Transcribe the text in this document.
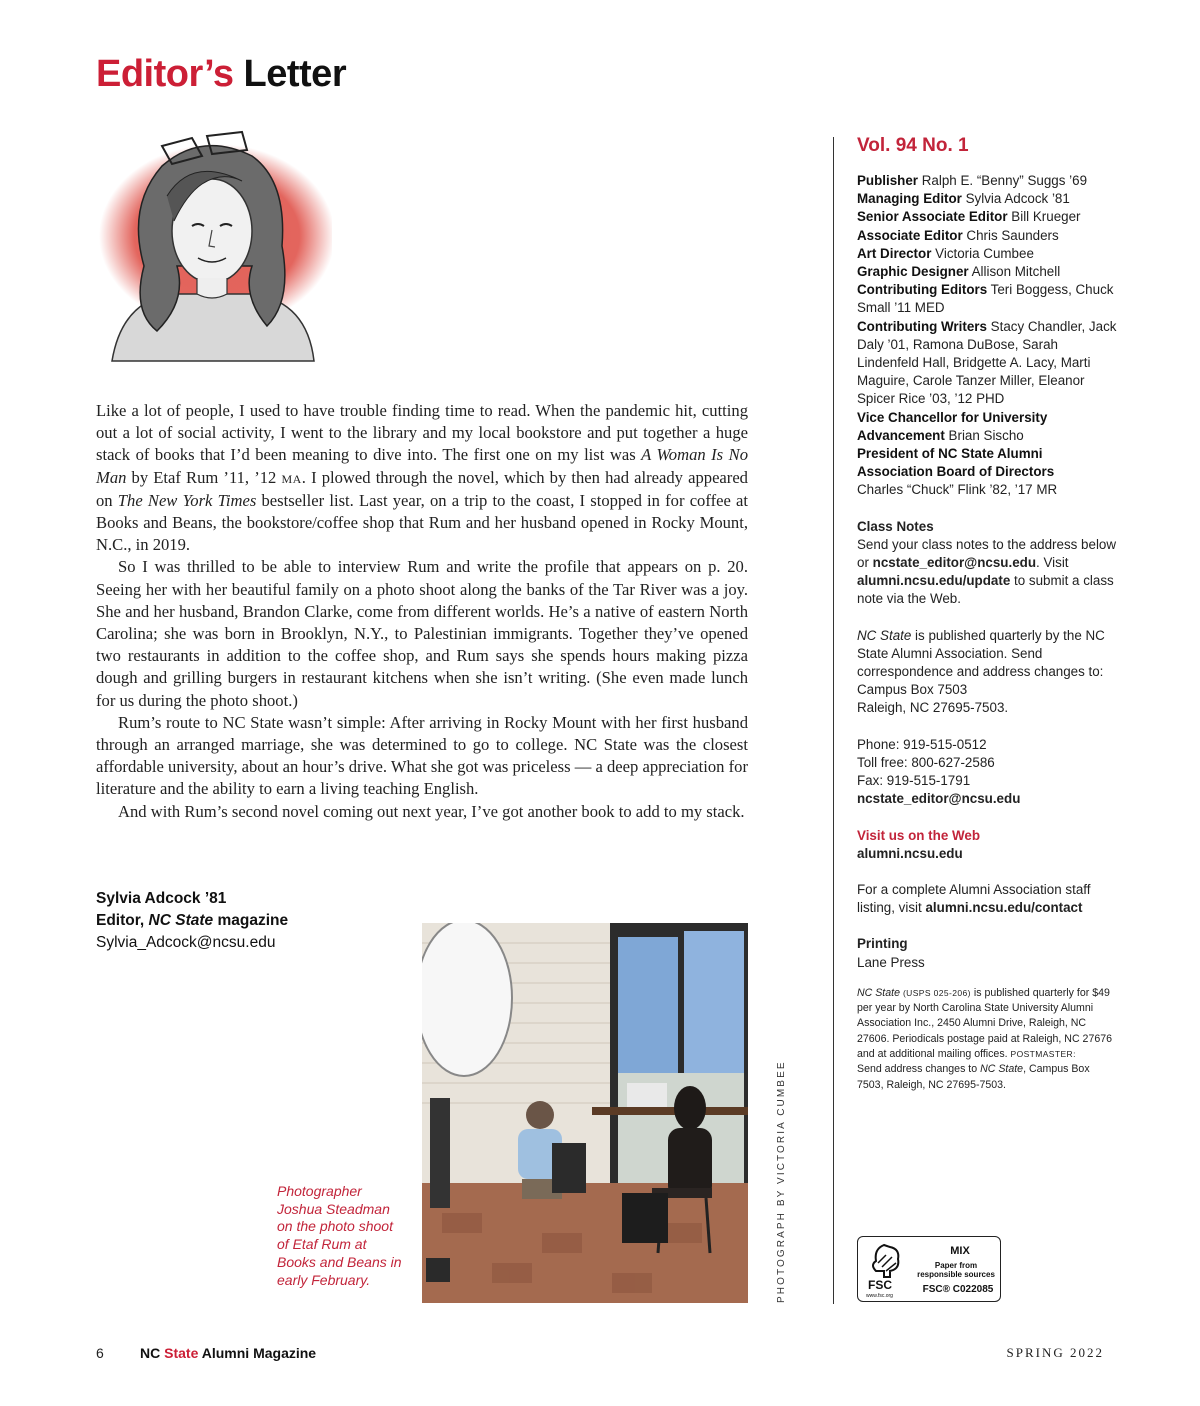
Editor’s Letter

Like a lot of people, I used to have trouble finding time to read. When the pandemic hit, cutting out a lot of social activity, I went to the library and my local bookstore and put together a huge stack of books that I’d been meaning to dive into. The first one on my list was A Woman Is No Man by Etaf Rum ’11, ’12 MA. I plowed through the novel, which by then had already appeared on The New York Times bestseller list. Last year, on a trip to the coast, I stopped in for coffee at Books and Beans, the bookstore/coffee shop that Rum and her husband opened in Rocky Mount, N.C., in 2019.

So I was thrilled to be able to interview Rum and write the profile that appears on p. 20. Seeing her with her beautiful family on a photo shoot along the banks of the Tar River was a joy. She and her husband, Brandon Clarke, come from different worlds. He’s a native of eastern North Carolina; she was born in Brooklyn, N.Y., to Palestinian immigrants. Together they’ve opened two restaurants in addition to the coffee shop, and Rum says she spends hours making pizza dough and grilling burgers in restaurant kitchens when she isn’t writing. (She even made lunch for us during the photo shoot.)

Rum’s route to NC State wasn’t simple: After arriving in Rocky Mount with her first husband through an arranged marriage, she was determined to go to college. NC State was the closest affordable university, about an hour’s drive. What she got was priceless — a deep appreciation for literature and the ability to earn a living teaching English.

And with Rum’s second novel coming out next year, I’ve got another book to add to my stack.

Sylvia Adcock ’81
Editor, NC State magazine
Sylvia_Adcock@ncsu.edu
Photographer Joshua Steadman on the photo shoot of Etaf Rum at Books and Beans in early February.	PHOTOGRAPH BY VICTORIA CUMBEE
Vol. 94 No. 1
Publisher Ralph E. “Benny” Suggs ’69
Managing Editor Sylvia Adcock ’81
Senior Associate Editor Bill Krueger
Associate Editor Chris Saunders
Art Director Victoria Cumbee
Graphic Designer Allison Mitchell
Contributing Editors Teri Boggess, Chuck Small ’11 MED
Contributing Writers Stacy Chandler, Jack Daly ’01, Ramona DuBose, Sarah Lindenfeld Hall, Bridgette A. Lacy, Marti Maguire, Carole Tanzer Miller, Eleanor Spicer Rice ’03, ’12 PHD
Vice Chancellor for University Advancement Brian Sischo
President of NC State Alumni Association Board of Directors
Charles “Chuck” Flink ’82, ’17 MR
Class Notes
Send your class notes to the address below or ncstate_editor@ncsu.edu. Visit alumni.ncsu.edu/update to submit a class note via the Web.
NC State is published quarterly by the NC State Alumni Association. Send correspondence and address changes to:
Campus Box 7503
Raleigh, NC 27695-7503.
Phone: 919-515-0512
Toll free: 800-627-2586
Fax: 919-515-1791
ncstate_editor@ncsu.edu
Visit us on the Web
alumni.ncsu.edu
For a complete Alumni Association staff listing, visit alumni.ncsu.edu/contact
Printing
Lane Press
NC State (USPS 025-206) is published quarterly for $49 per year by North Carolina State University Alumni Association Inc., 2450 Alumni Drive, Raleigh, NC 27606. Periodicals postage paid at Raleigh, NC 27676 and at additional mailing offices. POSTMASTER:
Send address changes to NC State, Campus Box 7503, Raleigh, NC 27695-7503.
FSC
www.fsc.org
MIX
Paper from responsible sources
FSC® C022085
6	NC State Alumni Magazine	SPRING 2022
